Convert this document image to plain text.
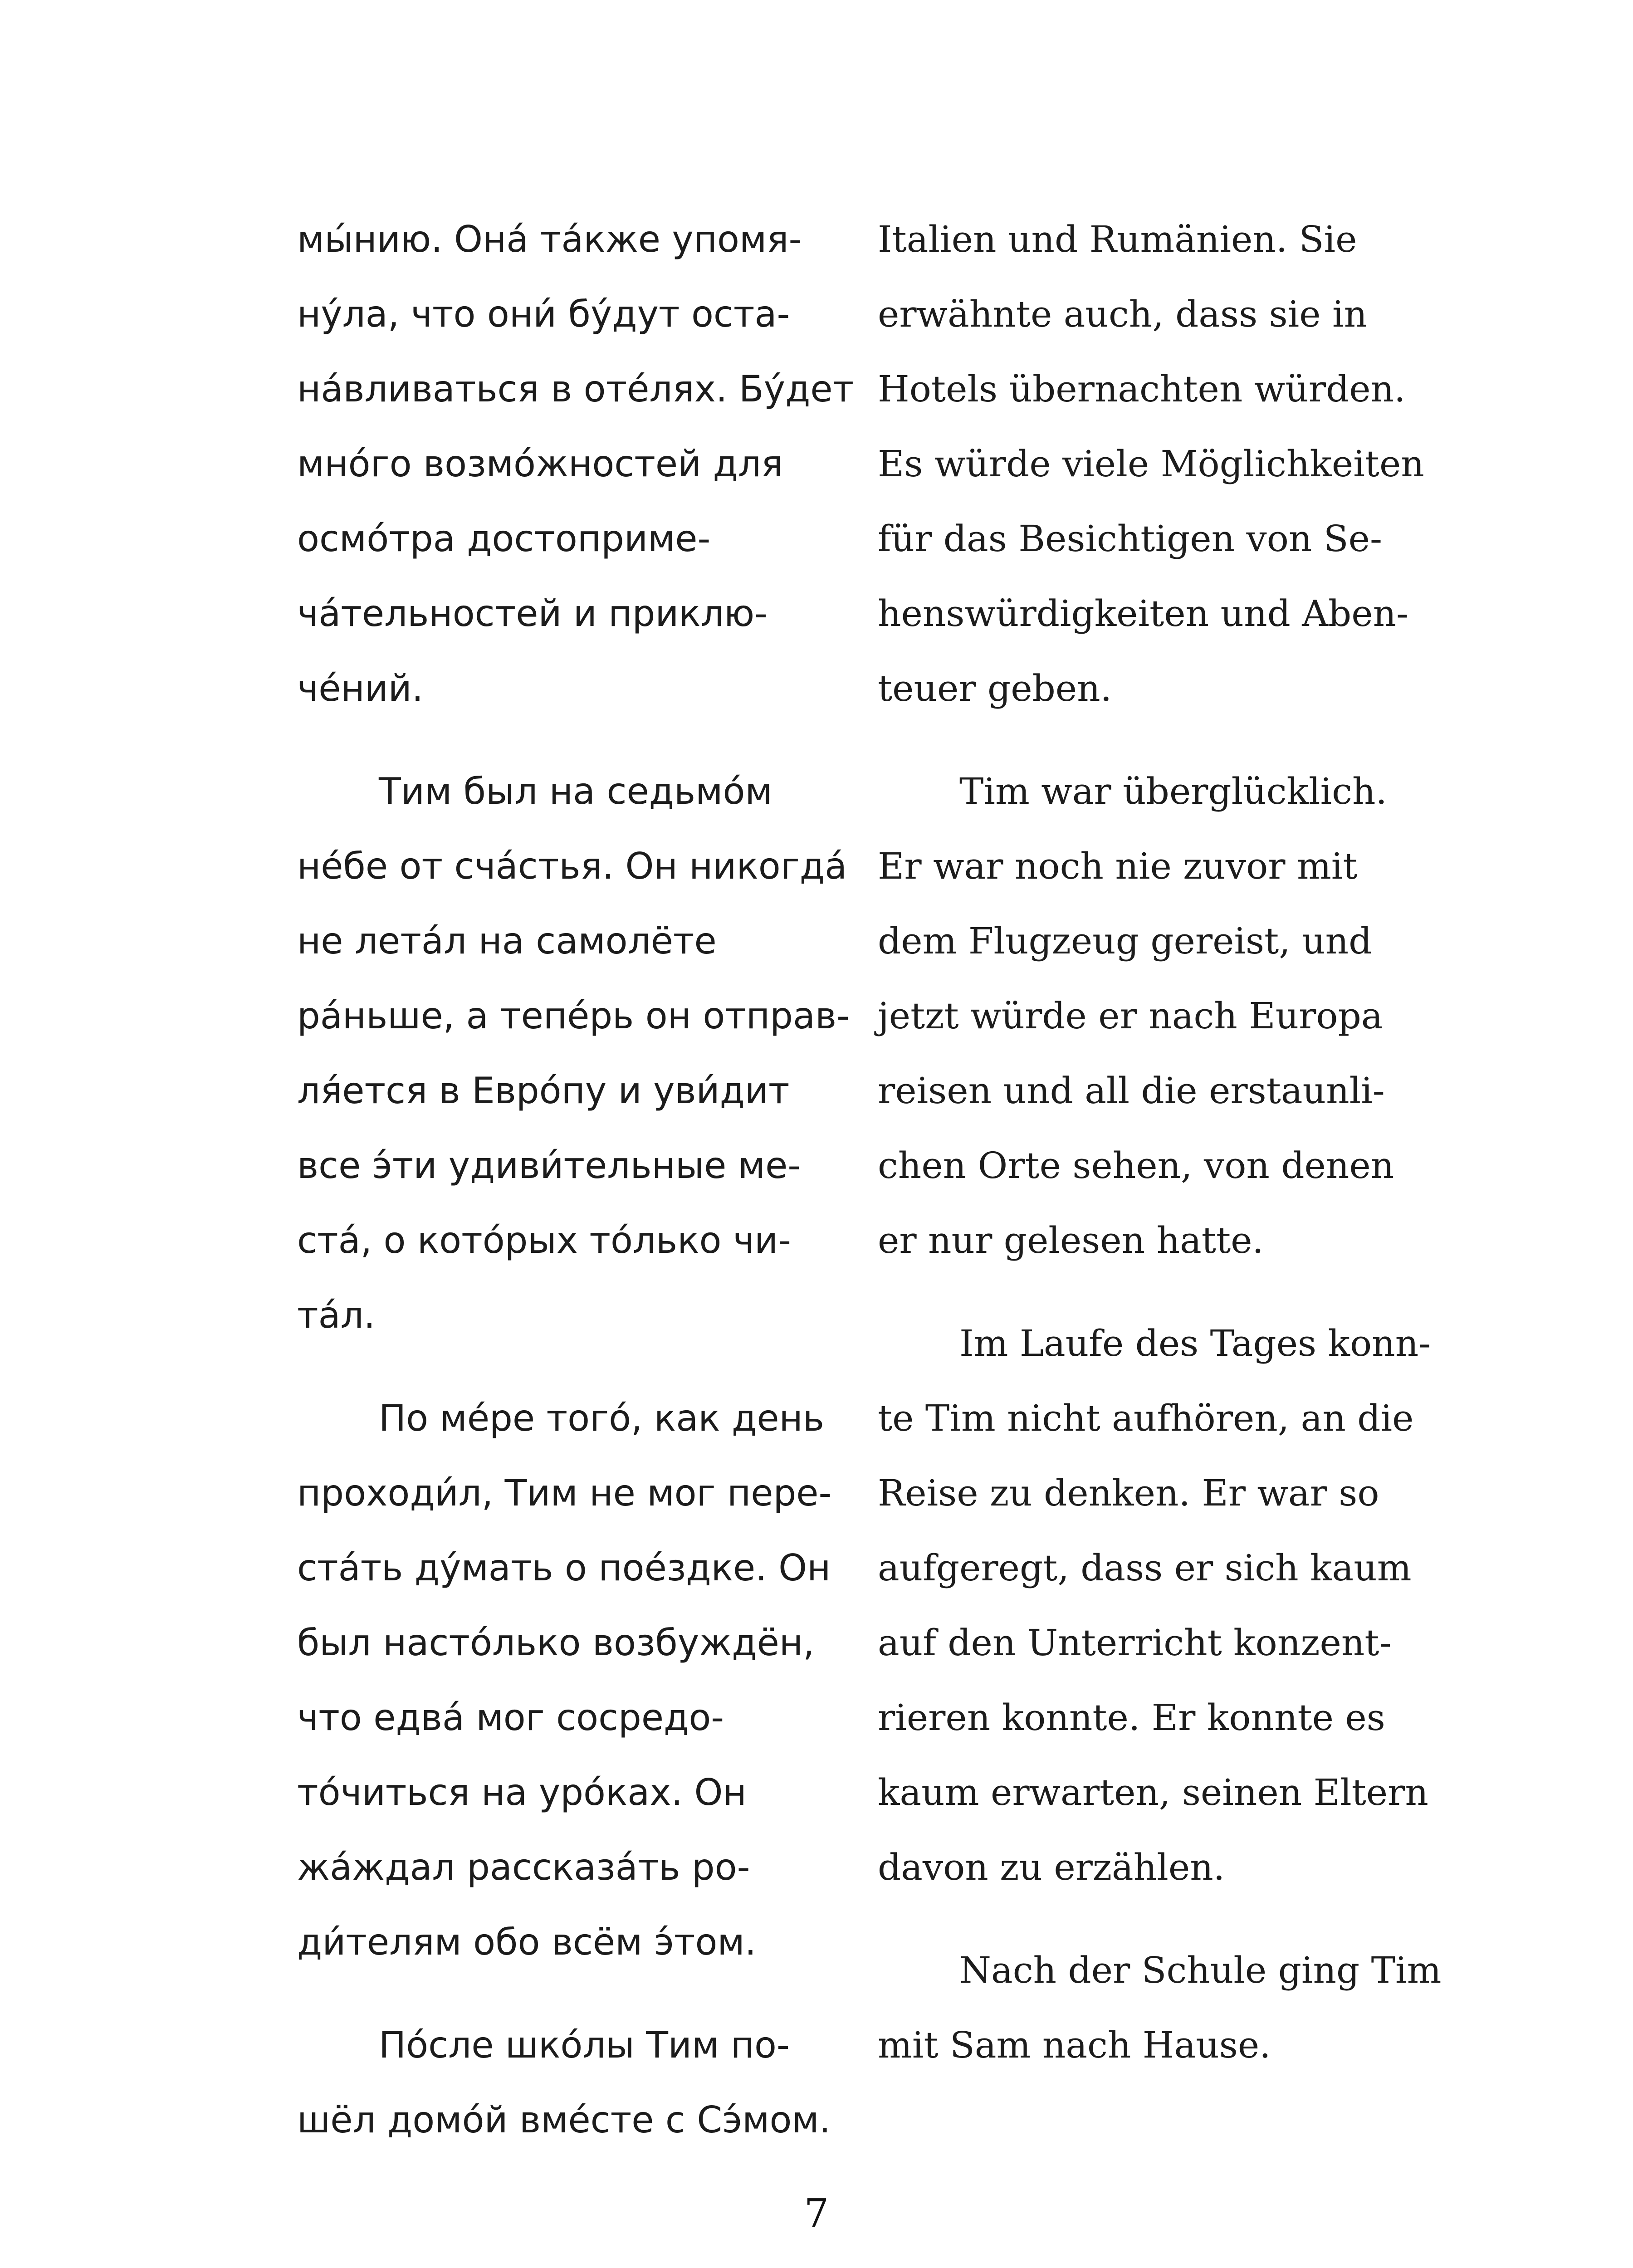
мы́нию. Она́ та́кже упомя-
ну́ла, что они́ бу́дут оста-
на́вливаться в оте́лях. Бу́дет
мно́го возмо́жностей для
осмо́тра достоприме-
ча́тельностей и приклю-
че́ний.
Тим был на седьмо́м
не́бе от сча́стья. Он никогда́
не лета́л на самолёте
ра́ньше, а тепе́рь он отправ-
ля́ется в Евро́пу и уви́дит
все э́ти удиви́тельные ме-
ста́, о кото́рых то́лько чи-
та́л.
По ме́ре того́, как день
проходи́л, Тим не мог пере-
ста́ть ду́мать о поéздке. Он
был насто́лько возбуждён,
что едва́ мог сосредо-
то́читься на уро́ках. Он
жа́ждал рассказа́ть ро-
ди́телям обо всём э́том.
По́сле шко́лы Тим по-
шёл домо́й вме́сте с Сэ́мом.
Italien und Rumänien. Sie
erwähnte auch, dass sie in
Hotels übernachten würden.
Es würde viele Möglichkeiten
für das Besichtigen von Se-
henswürdigkeiten und Aben-
teuer geben.
Tim war überglücklich.
Er war noch nie zuvor mit
dem Flugzeug gereist, und
jetzt würde er nach Europa
reisen und all die erstaunli-
chen Orte sehen, von denen
er nur gelesen hatte.
Im Laufe des Tages konn-
te Tim nicht aufhören, an die
Reise zu denken. Er war so
aufgeregt, dass er sich kaum
auf den Unterricht konzent-
rieren konnte. Er konnte es
kaum erwarten, seinen Eltern
davon zu erzählen.
Nach der Schule ging Tim
mit Sam nach Hause.
7
